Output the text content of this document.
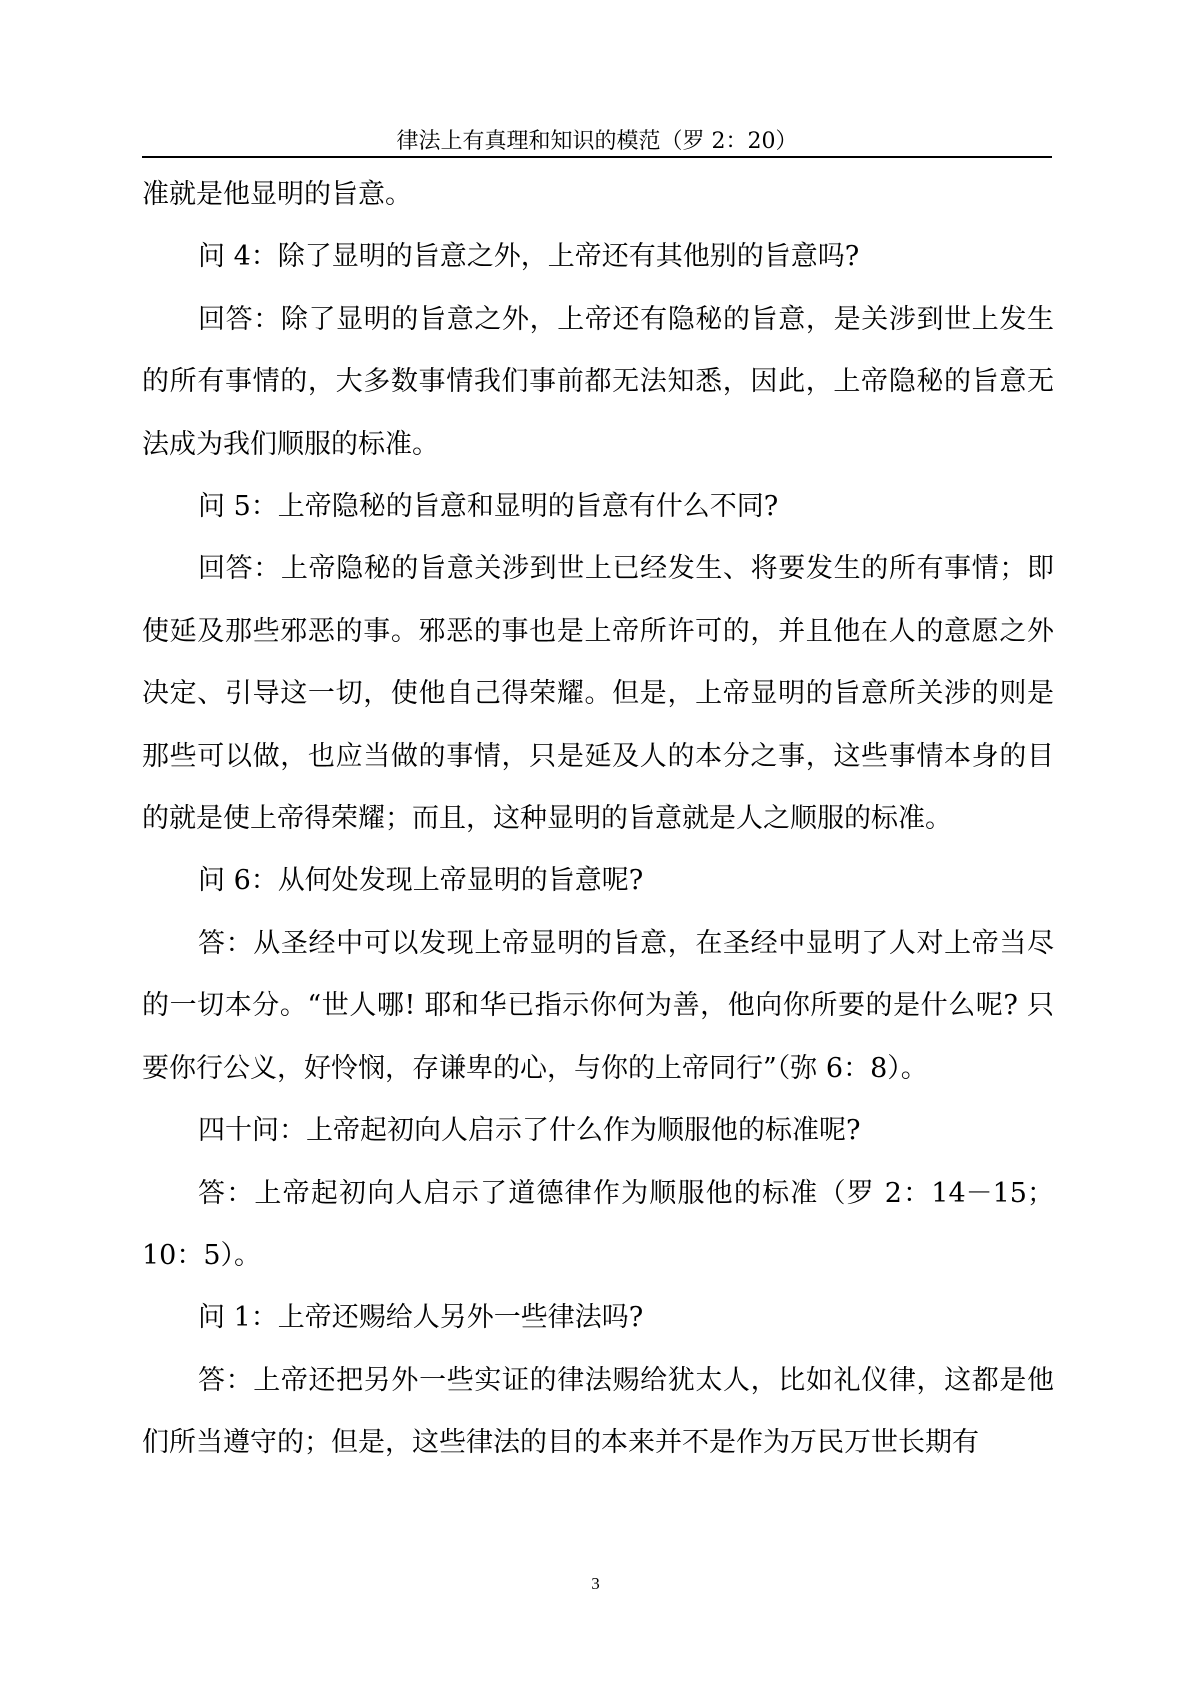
律法上有真理和知识的模范（罗 2：20）

准就是他显明的旨意。

问 4：除了显明的旨意之外，上帝还有其他别的旨意吗?

回答：除了显明的旨意之外，上帝还有隐秘的旨意，是关涉到世上发生的所有事情的，大多数事情我们事前都无法知悉，因此，上帝隐秘的旨意无法成为我们顺服的标准。

问 5：上帝隐秘的旨意和显明的旨意有什么不同?

回答：上帝隐秘的旨意关涉到世上已经发生、将要发生的所有事情；即使延及那些邪恶的事。邪恶的事也是上帝所许可的，并且他在人的意愿之外决定、引导这一切，使他自己得荣耀。但是，上帝显明的旨意所关涉的则是那些可以做，也应当做的事情，只是延及人的本分之事，这些事情本身的目的就是使上帝得荣耀；而且，这种显明的旨意就是人之顺服的标准。

问 6：从何处发现上帝显明的旨意呢?

答：从圣经中可以发现上帝显明的旨意，在圣经中显明了人对上帝当尽的一切本分。“世人哪! 耶和华已指示你何为善，他向你所要的是什么呢? 只要你行公义，好怜悯，存谦卑的心，与你的上帝同行”（弥 6：8）。

四十问：上帝起初向人启示了什么作为顺服他的标准呢?

答：上帝起初向人启示了道德律作为顺服他的标准（罗 2：14－15；10：5）。

问 1：上帝还赐给人另外一些律法吗?

答：上帝还把另外一些实证的律法赐给犹太人，比如礼仪律，这都是他们所当遵守的；但是，这些律法的目的本来并不是作为万民万世长期有

3
